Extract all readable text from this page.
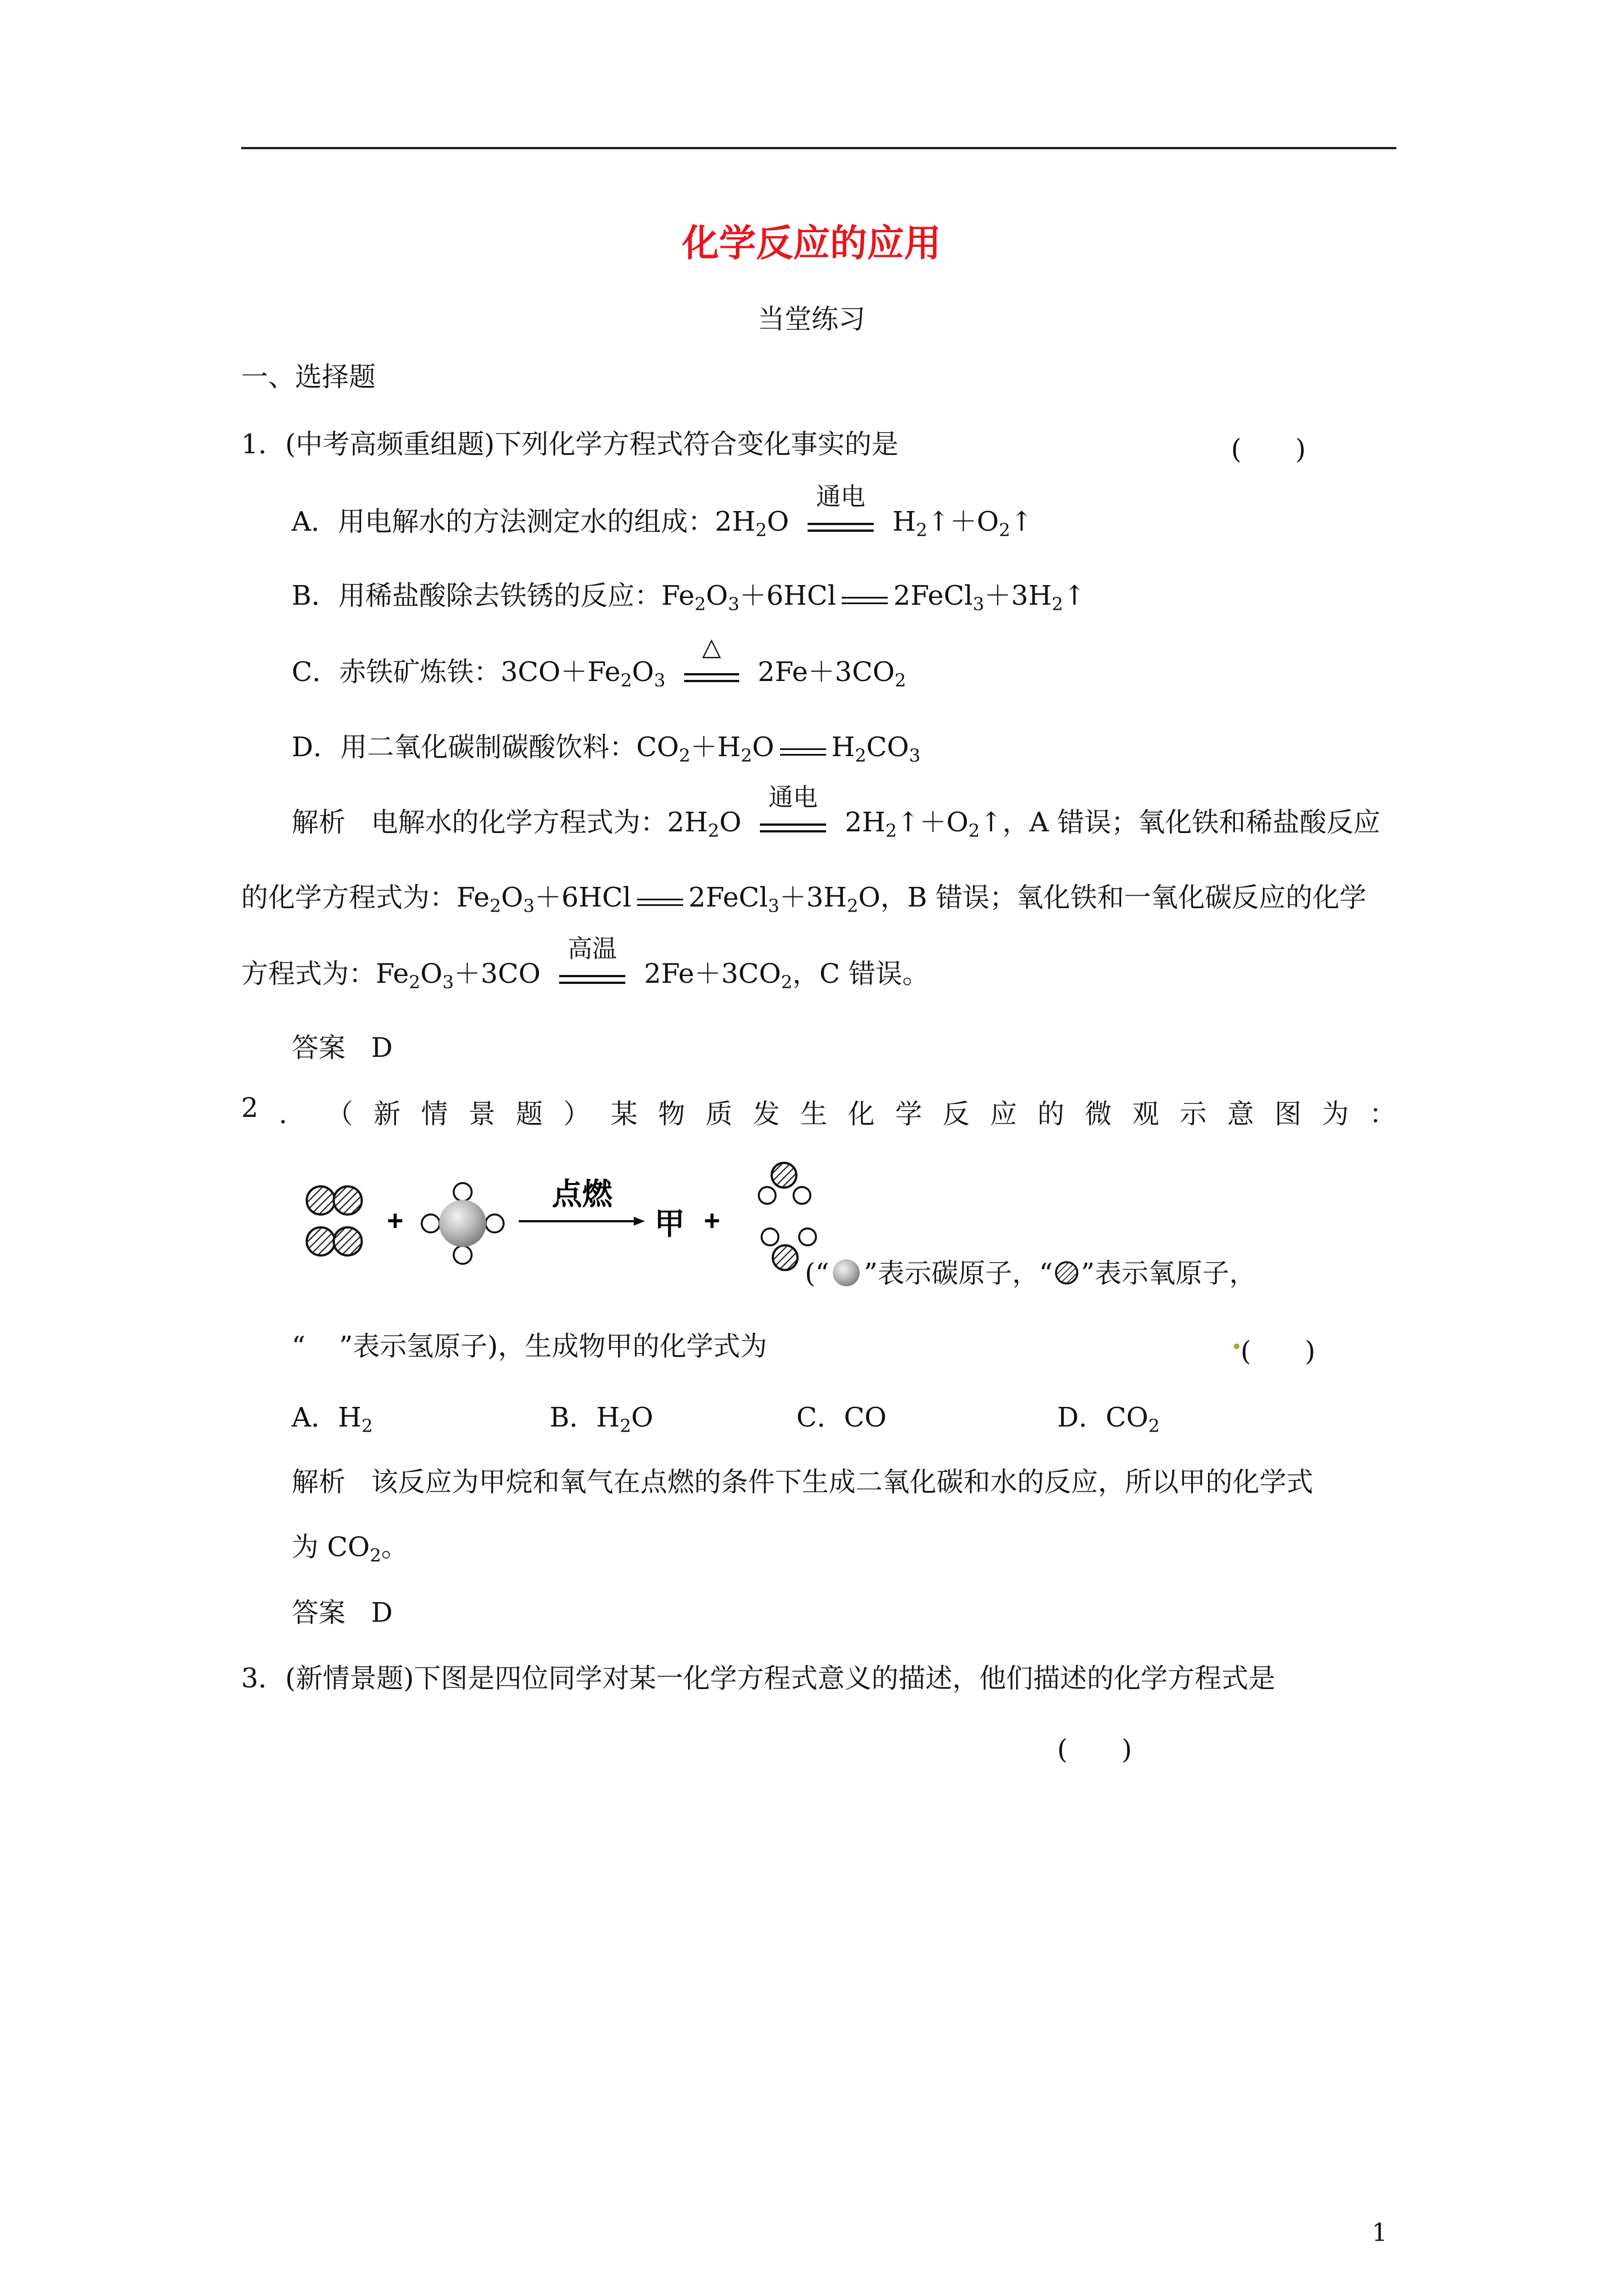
化学反应的应用
当堂练习
一、选择题
1．(中考高频重组题)下列化学方程式符合变化事实的是	(　　)
A．用电解水的方法测定水的组成：$2H_2O$
通电
$H_2↑+O_2↑$
B．用稀盐酸除去铁锈的反应：$Fe_2O_3+6HCl$ $2FeCl_3+3H_2↑$
C．赤铁矿炼铁：$3CO+Fe_2O_3$
△
$2Fe+3CO_2$
D．用二氧化碳制碳酸饮料：$CO_2+H_2O$ $H_2CO_3$
解析 电解水的化学方程式为：$2H_2O$
通电
$2H_2↑+O_2↑$，A 错误；氧化铁和稀盐酸反应
的化学方程式为：$Fe_2O_3+6HCl$ $2FeCl_3+3H_2O$，B 错误；氧化铁和一氧化碳反应的化学
方程式为：$Fe_2O_3+3CO$
高温
$2Fe+3CO_2$，C 错误。
答案 D
2 ． （ 新 情 景 题 ） 某 物 质 发 生 化 学 反 应 的 微 观 示 意 图 为 ：
+
点燃
甲 +
(“ ”表示碳原子，“ ”表示氧原子，
“ ”表示氢原子)，生成物甲的化学式为	(　　)
A．$H_2$	B．$H_2O$	C．CO	D．$CO_2$
解析 该反应为甲烷和氧气在点燃的条件下生成二氧化碳和水的反应，所以甲的化学式
为 $CO_2$。
答案 D
3．(新情景题)下图是四位同学对某一化学方程式意义的描述，他们描述的化学方程式是
(　　)
1
